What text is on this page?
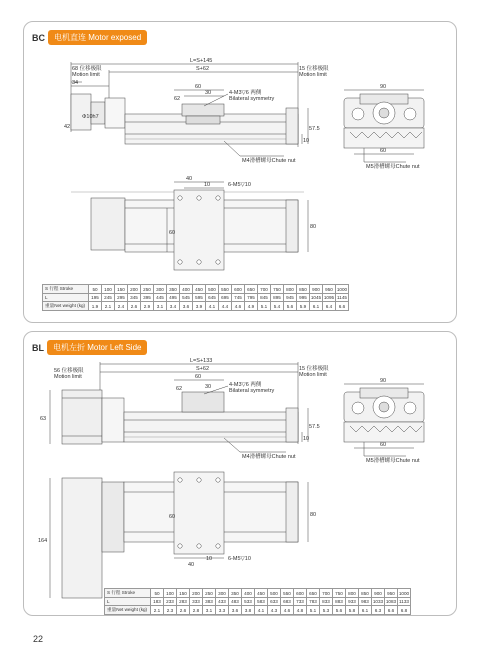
BC	电机直连 Motor exposed
L=S+145
S+62
68 位移极限
Motion limit
15 位移极限
Motion limit
34
62
60
30
42
Φ10h7
10
57.5
4-M3▽6 两侧
Bilateral symmetry
M4滑槽螺母Chute nut
90
60
M5滑槽螺母Chute nut
40
10	6-M5▽10
60
80
S 行程 Stroke	50	100	150	200	250	300	350	400	450	500	550	600	650	700	750	800	850	900	950	1000
L	195	245	295	345	395	445	495	545	595	645	695	745	795	845	895	945	995	1045	1095	1145
重量Net weight (kg)	1.9	2.1	2.4	2.6	2.9	3.1	3.4	3.6	3.9	4.1	4.4	4.6	4.9	5.1	5.4	5.6	5.9	6.1	6.4	6.6
BL	电机左折 Motor Left Side
L=S+133
S+62
56 位移极限
Motion limit
15 位移极限
Motion limit
60
62	30
63
10
57.5
4-M3▽6 两侧
Bilateral symmetry
M4滑槽螺母Chute nut
90
60
M5滑槽螺母Chute nut
40
10	6-M5▽10
60	80
164
S 行程 Stroke	50	100	150	200	250	300	350	400	450	500	550	600	650	700	750	800	850	900	950	1000
L	183	233	283	333	383	433	483	533	583	633	683	733	783	833	883	933	983	1033	1083	1133
重量Net weight (kg)	2.1	2.3	2.6	2.8	3.1	3.3	3.6	3.8	4.1	4.3	4.6	4.8	5.1	5.3	5.6	5.8	6.1	6.3	6.6	6.8
22
